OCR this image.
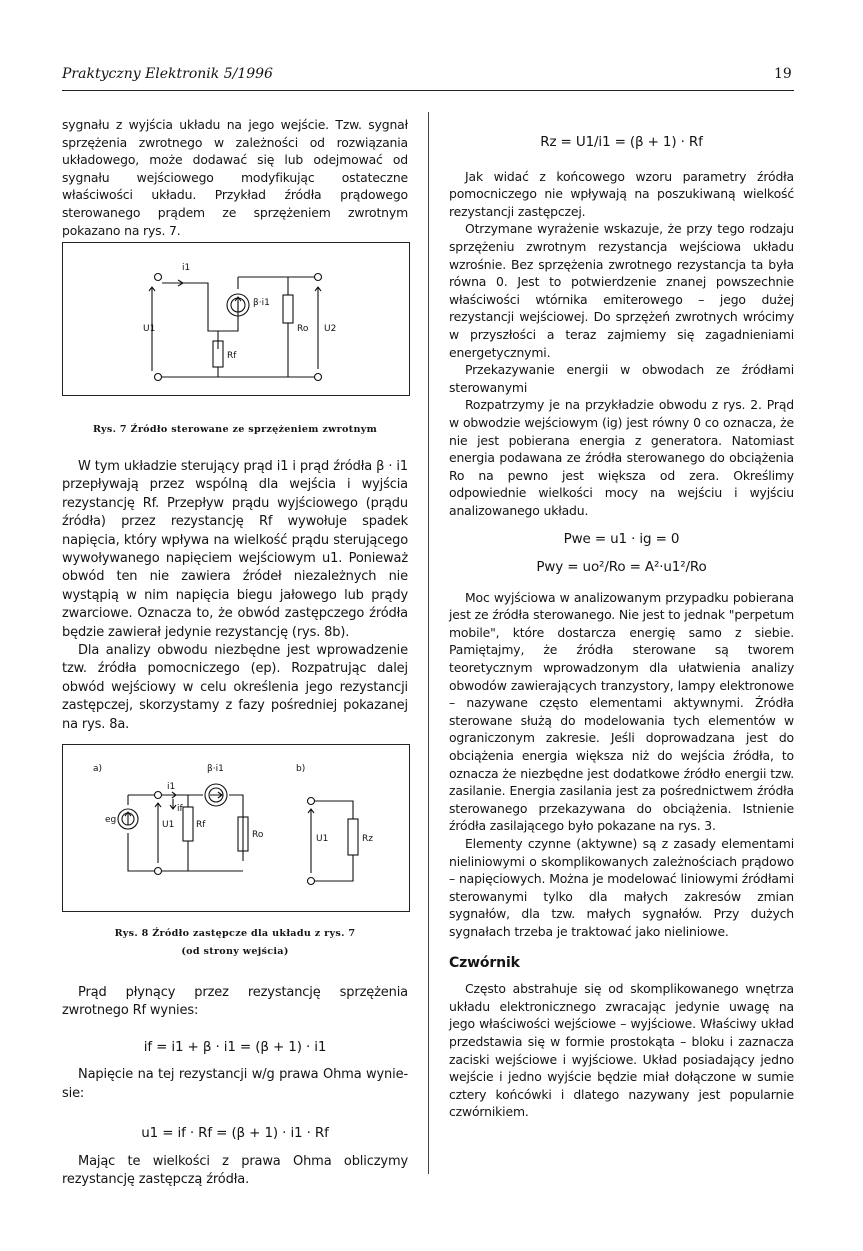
Praktyczny Elektronik 5/1996	19

sygnału z wyjścia układu na jego wejście. Tzw. sygnał sprzężenia zwrotnego w zależności od rozwiązania układowego, może dodawać się lub odejmować od sygnału wejściowego modyfikując ostateczne właściwości układu. Przykład źródła prądowego sterowanego prądem ze sprzężeniem zwrotnym pokazano na rys. 7.

i1
β·i1
U1
Rf
Ro U2
Rys. 7 Źródło sterowane ze sprzężeniem zwrotnym

W tym układzie sterujący prąd i1 i prąd źródła β · i1 przepływają przez wspólną dla wejścia i wyjścia rezystancję Rf. Przepływ prądu wyjściowego (prądu źródła) przez rezystancję Rf wywołuje spadek napięcia, który wpływa na wielkość prądu sterującego wywoływanego napięciem wejściowym u1. Ponieważ obwód ten nie zawiera źródeł niezależnych nie wystąpią w nim napięcia biegu jałowego lub prądy zwarciowe. Oznacza to, że obwód zastępczego źródła będzie zawierał jedynie rezystancję (rys. 8b).

Dla analizy obwodu niezbędne jest wprowadzenie tzw. źródła pomocniczego (ep). Rozpatrując dalej obwód wejściowy w celu określenia jego rezystancji zastępczej, skorzystamy z fazy pośredniej pokazanej na rys. 8a.

a)	b)
β·i1
i1
if
eg	U1 Rf
Ro	U1	Rz
Rys. 8 Źródło zastępcze dla układu z rys. 7
(od strony wejścia)

Prąd płynący przez rezystancję sprzężenia zwrotnego Rf wynies:

if = i1 + β · i1 = (β + 1) · i1

Napięcie na tej rezystancji w/g prawa Ohma wynie-sie:

u1 = if · Rf = (β + 1) · i1 · Rf

Mając te wielkości z prawa Ohma obliczymy rezystancję zastępczą źródła.

Rz = U1/i1 = (β + 1) · Rf

Jak widać z końcowego wzoru parametry źródła pomocniczego nie wpływają na poszukiwaną wielkość rezystancji zastępczej.

Otrzymane wyrażenie wskazuje, że przy tego rodzaju sprzężeniu zwrotnym rezystancja wejściowa układu wzrośnie. Bez sprzężenia zwrotnego rezystancja ta była równa 0. Jest to potwierdzenie znanej powszechnie właściwości wtórnika emiterowego – jego dużej rezystancji wejściowej. Do sprzężeń zwrotnych wrócimy w przyszłości a teraz zajmiemy się zagadnieniami energetycznymi.

Przekazywanie energii w obwodach ze źródłami sterowanymi

Rozpatrzymy je na przykładzie obwodu z rys. 2. Prąd w obwodzie wejściowym (ig) jest równy 0 co oznacza, że nie jest pobierana energia z generatora. Natomiast energia podawana ze źródła sterowanego do obciążenia Ro na pewno jest większa od zera. Określimy odpowiednie wielkości mocy na wejściu i wyjściu analizowanego układu.

Pwe = u1 · ig = 0
Pwy = uo²/Ro = A²·u1²/Ro

Moc wyjściowa w analizowanym przypadku pobierana jest ze źródła sterowanego. Nie jest to jednak "perpetum mobile", które dostarcza energię samo z siebie. Pamiętajmy, że źródła sterowane są tworem teoretycznym wprowadzonym dla ułatwienia analizy obwodów zawierających tranzystory, lampy elektronowe – nazywane często elementami aktywnymi. Źródła sterowane służą do modelowania tych elementów w ograniczonym zakresie. Jeśli doprowadzana jest do obciążenia energia większa niż do wejścia źródła, to oznacza że niezbędne jest dodatkowe źródło energii tzw. zasilanie. Energia zasilania jest za pośrednictwem źródła sterowanego przekazywana do obciążenia. Istnienie źródła zasilającego było pokazane na rys. 3.

Elementy czynne (aktywne) są z zasady elementami nieliniowymi o skomplikowanych zależnościach prądowo – napięciowych. Można je modelować liniowymi źródłami sterowanymi tylko dla małych zakresów zmian sygnałów, dla tzw. małych sygnałów. Przy dużych sygnałach trzeba je traktować jako nieliniowe.

Czwórnik

Często abstrahuje się od skomplikowanego wnętrza układu elektronicznego zwracając jedynie uwagę na jego właściwości wejściowe – wyjściowe. Właściwy układ przedstawia się w formie prostokąta – bloku i zaznacza zaciski wejściowe i wyjściowe. Układ posiadający jedno wejście i jedno wyjście będzie miał dołączone w sumie cztery końcówki i dlatego nazywany jest popularnie czwórnikiem.
